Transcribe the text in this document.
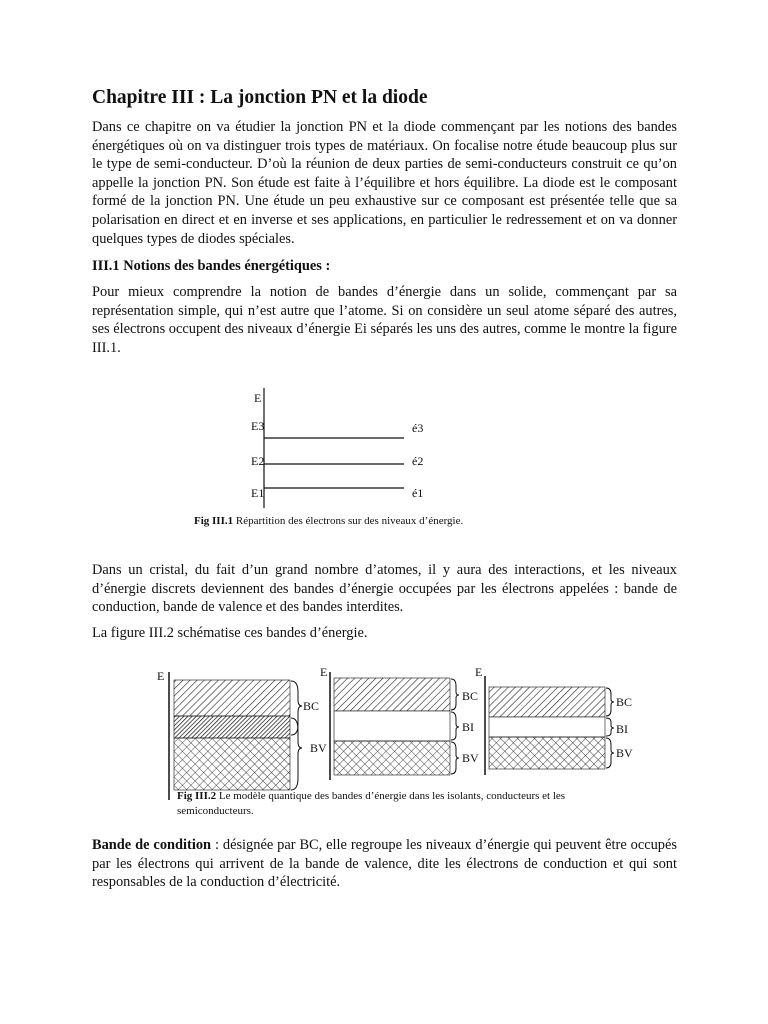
Chapitre III : La jonction PN et la diode

Dans ce chapitre on va étudier la jonction PN et la diode commençant par les notions des bandes énergétiques où on va distinguer trois types de matériaux. On focalise notre étude beaucoup plus sur le type de semi-conducteur. D’où la réunion de deux parties de semi-conducteurs construit ce qu’on appelle la jonction PN. Son étude est faite à l’équilibre et hors équilibre. La diode est le composant formé de la jonction PN. Une étude un peu exhaustive sur ce composant est présentée telle que sa polarisation en direct et en inverse et ses applications, en particulier le redressement et on va donner quelques types de diodes spéciales.

III.1 Notions des bandes énergétiques :

Pour mieux comprendre la notion de bandes d’énergie dans un solide, commençant par sa représentation simple, qui n’est autre que l’atome. Si on considère un seul atome séparé des autres, ses électrons occupent des niveaux d’énergie Ei séparés les uns des autres, comme le montre la figure III.1.

E
E3
E2
E1
é3
é2
é1
Fig III.1 Répartition des électrons sur des niveaux d’énergie.

Dans un cristal, du fait d’un grand nombre d’atomes, il y aura des interactions, et les niveaux d’énergie discrets deviennent des bandes d’énergie occupées par les électrons appelées : bande de conduction, bande de valence et des bandes interdites.

La figure III.2 schématise ces bandes d’énergie.

E
BC
BV
E
BC
BI
BV
E
BC
BI
BV
Fig III.2 Le modèle quantique des bandes d’énergie dans les isolants, conducteurs et les
semiconducteurs.

Bande de condition : désignée par BC, elle regroupe les niveaux d’énergie qui peuvent être occupés par les électrons qui arrivent de la bande de valence, dite les électrons de conduction et qui sont responsables de la conduction d’électricité.
